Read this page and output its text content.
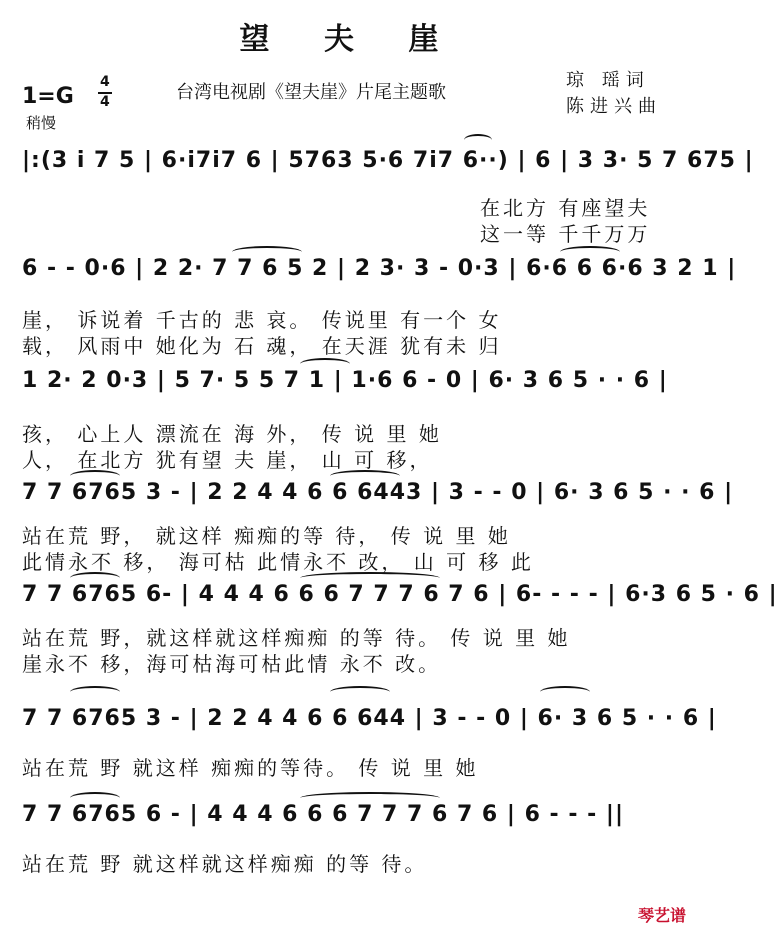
望 夫 崖
1=G
4
4	台湾电视剧《望夫崖》片尾主题歌
琼 瑶词
陈进兴曲
稍慢
|:(3 i 7 5 | 6·i7i7 6 | 5763 5·6 7i7 6··) | 6 | 3 3· 5 7 675 |
在北方 有座望夫
这一等 千千万万
6 - - 0·6 | 2 2· 7 7 6 5 2 | 2 3· 3 - 0·3 | 6·6 6 6·6 3 2 1 |
崖， 诉说着 千古的 悲 哀。 传说里 有一个 女
载， 风雨中 她化为 石 魂， 在天涯 犹有未 归
1 2· 2 0·3 | 5 7· 5 5 7 1 | 1·6 6 - 0 | 6· 3 6 5 · · 6 |
孩， 心上人 漂流在 海 外， 传 说 里 她
人， 在北方 犹有望 夫 崖， 山 可 移，
7 7 6765 3 - | 2 2 4 4 6 6 6443 | 3 - - 0 | 6· 3 6 5 · · 6 |
站在荒 野， 就这样 痴痴的等 待， 传 说 里 她
此情永不 移， 海可枯 此情永不 改， 山 可 移 此
7 7 6765 6- | 4 4 4 6 6 6 7 7 7 6 7 6 | 6- - - - | 6·3 6 5 · 6 |
站在荒 野，就这样就这样痴痴 的等 待。 传 说 里 她
崖永不 移，海可枯海可枯此情 永不 改。
7 7 6765 3 - | 2 2 4 4 6 6 644 | 3 - - 0 | 6· 3 6 5 · · 6 |
站在荒 野 就这样 痴痴的等待。 传 说 里 她
7 7 6765 6 - | 4 4 4 6 6 6 7 7 7 6 7 6 | 6 - - - ||
站在荒 野 就这样就这样痴痴 的等 待。
琴艺谱
